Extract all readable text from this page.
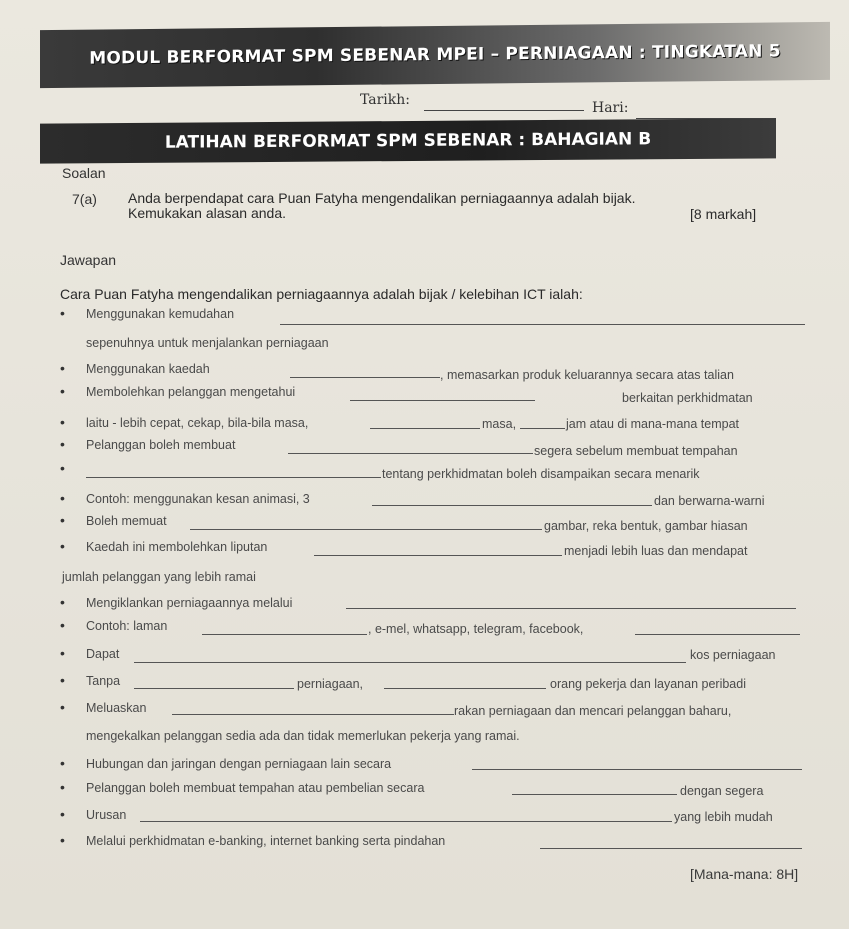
MODUL BERFORMAT SPM SEBENAR MPEI – PERNIAGAAN : TINGKATAN 5
Tarikh:	Hari:
LATIHAN BERFORMAT SPM SEBENAR : BAHAGIAN B
Soalan
7(a) Anda berpendapat cara Puan Fatyha mengendalikan perniagaannya adalah bijak. Kemukakan alasan anda.	[8 markah]
Jawapan
Cara Puan Fatyha mengendalikan perniagaannya adalah bijak / kelebihan ICT ialah:
• Menggunakan kemudahan
sepenuhnya untuk menjalankan perniagaan
• Menggunakan kaedah	, memasarkan produk keluarannya secara atas talian
• Membolehkan pelanggan mengetahui	berkaitan perkhidmatan
• laitu - lebih cepat, cekap, bila-bila masa,	masa,	jam atau di mana-mana tempat
• Pelanggan boleh membuat	segera sebelum membuat tempahan
•	tentang perkhidmatan boleh disampaikan secara menarik
• Contoh: menggunakan kesan animasi, 3	dan berwarna-warni
• Boleh memuat	gambar, reka bentuk, gambar hiasan
• Kaedah ini membolehkan liputan	menjadi lebih luas dan mendapat
jumlah pelanggan yang lebih ramai
• Mengiklankan perniagaannya melalui
• Contoh: laman	, e-mel, whatsapp, telegram, facebook,
• Dapat	kos perniagaan
• Tanpa	perniagaan,	orang pekerja dan layanan peribadi
• Meluaskan	rakan perniagaan dan mencari pelanggan baharu,
mengekalkan pelanggan sedia ada dan tidak memerlukan pekerja yang ramai.
• Hubungan dan jaringan dengan perniagaan lain secara
• Pelanggan boleh membuat tempahan atau pembelian secara	dengan segera
• Urusan	yang lebih mudah
• Melalui perkhidmatan e-banking, internet banking serta pindahan
[Mana-mana: 8H]
